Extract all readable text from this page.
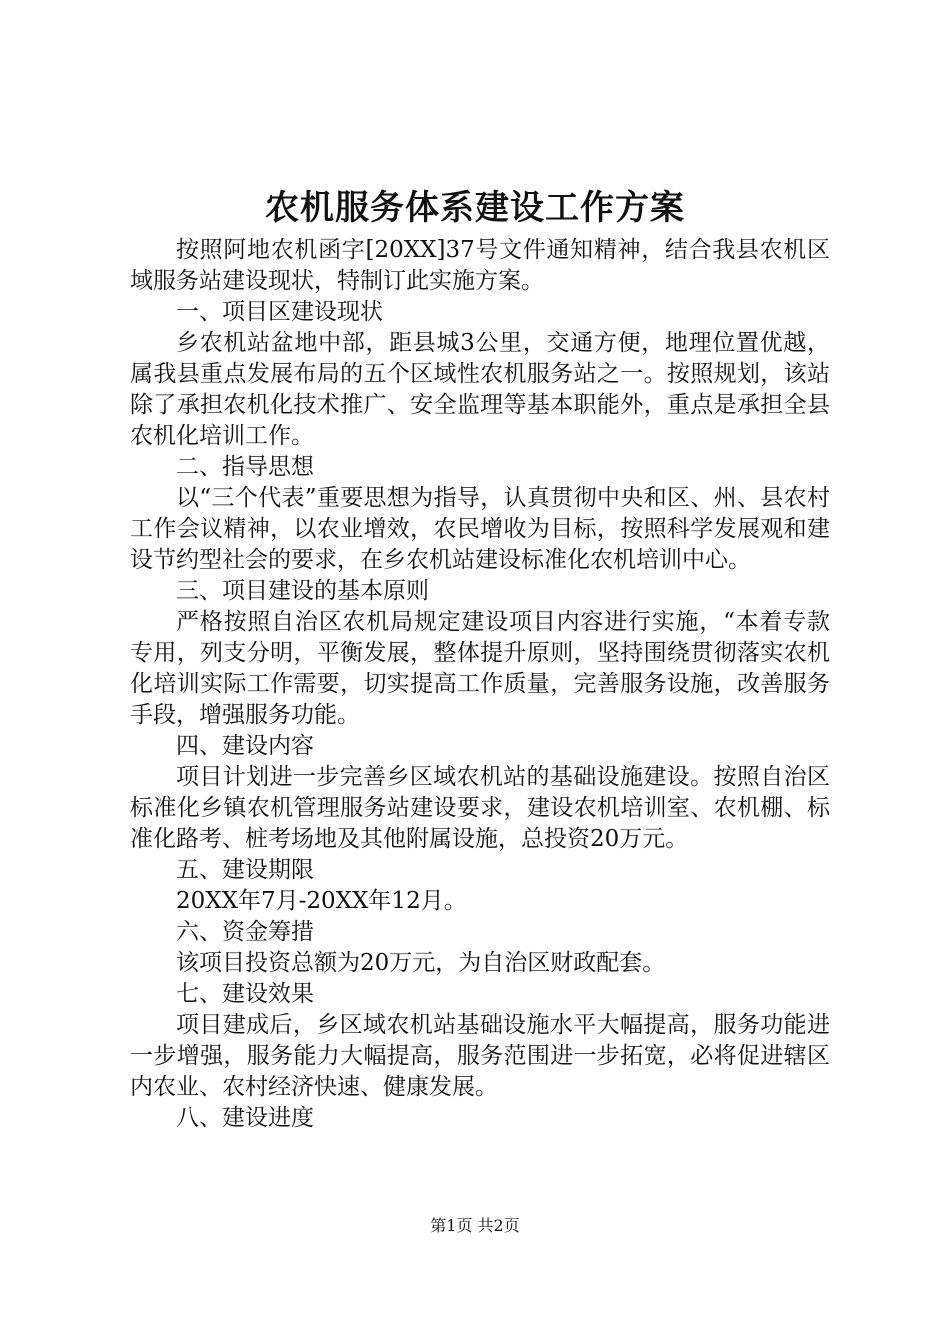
农机服务体系建设工作方案

按照阿地农机函字[20XX]37号文件通知精神，结合我县农机区域服务站建设现状，特制订此实施方案。

一、项目区建设现状

乡农机站盆地中部，距县城3公里，交通方便，地理位置优越，属我县重点发展布局的五个区域性农机服务站之一。按照规划，该站除了承担农机化技术推广、安全监理等基本职能外，重点是承担全县农机化培训工作。

二、指导思想

以“三个代表”重要思想为指导，认真贯彻中央和区、州、县农村工作会议精神，以农业增效，农民增收为目标，按照科学发展观和建设节约型社会的要求，在乡农机站建设标准化农机培训中心。

三、项目建设的基本原则

严格按照自治区农机局规定建设项目内容进行实施，“本着专款专用，列支分明，平衡发展，整体提升原则，坚持围绕贯彻落实农机化培训实际工作需要，切实提高工作质量，完善服务设施，改善服务手段，增强服务功能。

四、建设内容

项目计划进一步完善乡区域农机站的基础设施建设。按照自治区标准化乡镇农机管理服务站建设要求，建设农机培训室、农机棚、标准化路考、桩考场地及其他附属设施，总投资20万元。

五、建设期限

20XX年7月-20XX年12月。

六、资金筹措

该项目投资总额为20万元，为自治区财政配套。

七、建设效果

项目建成后，乡区域农机站基础设施水平大幅提高，服务功能进一步增强，服务能力大幅提高，服务范围进一步拓宽，必将促进辖区内农业、农村经济快速、健康发展。

八、建设进度

第1页 共2页
